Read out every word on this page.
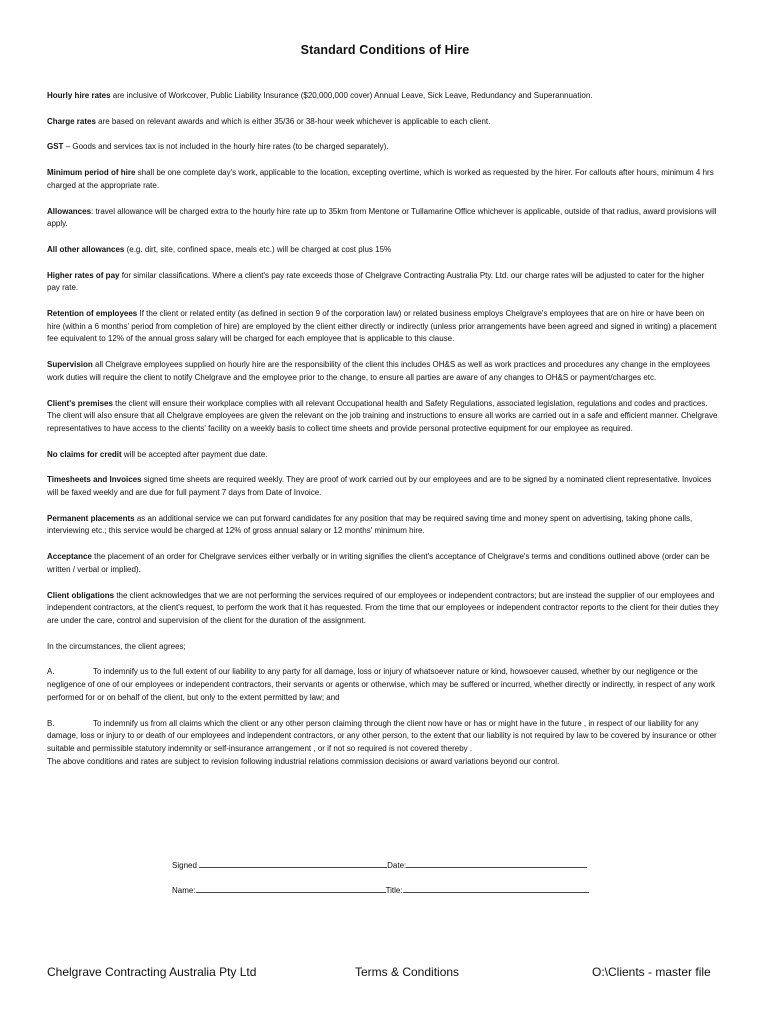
Standard Conditions of Hire

Hourly hire rates are inclusive of Workcover, Public Liability Insurance ($20,000,000 cover) Annual Leave, Sick Leave, Redundancy and Superannuation.

Charge rates are based on relevant awards and which is either 35/36 or 38-hour week whichever is applicable to each client.

GST – Goods and services tax is not included in the hourly hire rates (to be charged separately).

Minimum period of hire shall be one complete day's work, applicable to the location, excepting overtime, which is worked as requested by the hirer. For callouts after hours, minimum 4 hrs charged at the appropriate rate.

Allowances: travel allowance will be charged extra to the hourly hire rate up to 35km from Mentone or Tullamarine Office whichever is applicable, outside of that radius, award provisions will apply.

All other allowances (e.g. dirt, site, confined space, meals etc.) will be charged at cost plus 15%

Higher rates of pay for similar classifications. Where a client's pay rate exceeds those of Chelgrave Contracting Australia Pty. Ltd. our charge rates will be adjusted to cater for the higher pay rate.

Retention of employees If the client or related entity (as defined in section 9 of the corporation law) or related business employs Chelgrave's employees that are on hire or have been on hire (within a 6 months' period from completion of hire) are employed by the client either directly or indirectly (unless prior arrangements have been agreed and signed in writing) a placement fee equivalent to 12% of the annual gross salary will be charged for each employee that is applicable to this clause.

Supervision all Chelgrave employees supplied on hourly hire are the responsibility of the client this includes OH&S as well as work practices and procedures any change in the employees work duties will require the client to notify Chelgrave and the employee prior to the change, to ensure all parties are aware of any changes to OH&S or payment/charges etc.

Client's premises the client will ensure their workplace complies with all relevant Occupational health and Safety Regulations, associated legislation, regulations and codes and practices. The client will also ensure that all Chelgrave employees are given the relevant on the job training and instructions to ensure all works are carried out in a safe and efficient manner. Chelgrave representatives to have access to the clients' facility on a weekly basis to collect time sheets and provide personal protective equipment for our employee as required.

No claims for credit will be accepted after payment due date.

Timesheets and Invoices signed time sheets are required weekly. They are proof of work carried out by our employees and are to be signed by a nominated client representative. Invoices will be faxed weekly and are due for full payment 7 days from Date of Invoice.

Permanent placements as an additional service we can put forward candidates for any position that may be required saving time and money spent on advertising, taking phone calls, interviewing etc.; this service would be charged at 12% of gross annual salary or 12 months' minimum hire.

Acceptance the placement of an order for Chelgrave services either verbally or in writing signifies the client's acceptance of Chelgrave's terms and conditions outlined above (order can be written / verbal or implied).

Client obligations the client acknowledges that we are not performing the services required of our employees or independent contractors; but are instead the supplier of our employees and independent contractors, at the client's request, to perform the work that it has requested. From the time that our employees or independent contractor reports to the client for their duties they are under the care, control and supervision of the client for the duration of the assignment.

In the circumstances, the client agrees;

A.	To indemnify us to the full extent of our liability to any party for all damage, loss or injury of whatsoever nature or kind, howsoever caused, whether by our negligence or the negligence of one of our employees or independent contractors, their servants or agents or otherwise, which may be suffered or incurred, whether directly or indirectly, in respect of any work performed for or on behalf of the client, but only to the extent permitted by law; and

B.	To indemnify us from all claims which the client or any other person claiming through the client now have or has or might have in the future , in respect of our liability for any damage, loss or injury to or death of our employees and independent contractors, or any other person, to the extent that our liability is not required by law to be covered by insurance or other suitable and permissible statutory indemnity or self-insurance arrangement , or if not so required is not covered thereby .

The above conditions and rates are subject to revision following industrial relations commission decisions or award variations beyond our control.

Signed	Date:
Name:	Title:
Chelgrave Contracting Australia Pty Ltd	Terms & Conditions	O:\Clients - master file
